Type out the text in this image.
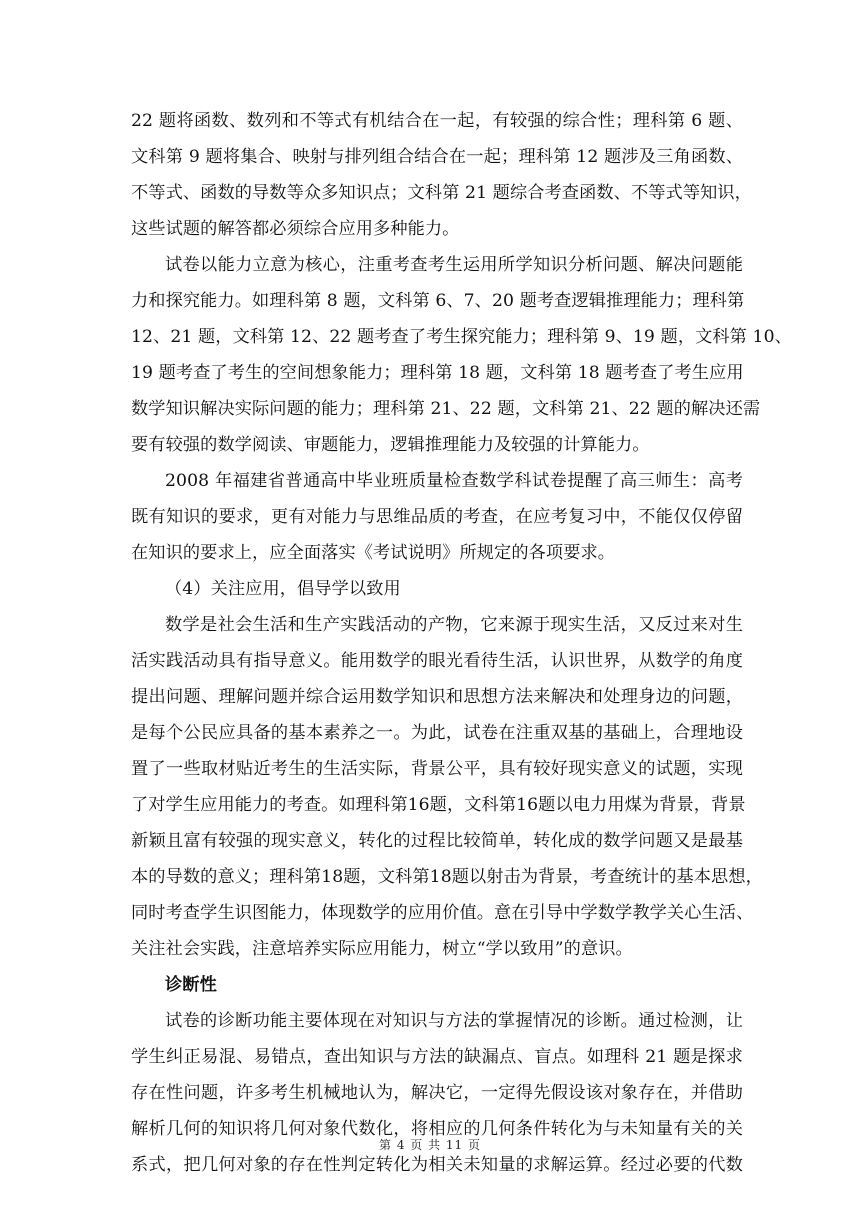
22 题将函数、数列和不等式有机结合在一起，有较强的综合性；理科第 6 题、
文科第 9 题将集合、映射与排列组合结合在一起；理科第 12 题涉及三角函数、
不等式、函数的导数等众多知识点；文科第 21 题综合考查函数、不等式等知识，
这些试题的解答都必须综合应用多种能力。
试卷以能力立意为核心，注重考查考生运用所学知识分析问题、解决问题能
力和探究能力。如理科第 8 题，文科第 6、7、20 题考查逻辑推理能力；理科第
12、21 题，文科第 12、22 题考查了考生探究能力；理科第 9、19 题，文科第 10、
19 题考查了考生的空间想象能力；理科第 18 题，文科第 18 题考查了考生应用
数学知识解决实际问题的能力；理科第 21、22 题，文科第 21、22 题的解决还需
要有较强的数学阅读、审题能力，逻辑推理能力及较强的计算能力。
2008 年福建省普通高中毕业班质量检查数学科试卷提醒了高三师生：高考
既有知识的要求，更有对能力与思维品质的考查，在应考复习中，不能仅仅停留
在知识的要求上，应全面落实《考试说明》所规定的各项要求。
（4）关注应用，倡导学以致用
数学是社会生活和生产实践活动的产物，它来源于现实生活，又反过来对生
活实践活动具有指导意义。能用数学的眼光看待生活，认识世界，从数学的角度
提出问题、理解问题并综合运用数学知识和思想方法来解决和处理身边的问题，
是每个公民应具备的基本素养之一。为此，试卷在注重双基的基础上，合理地设
置了一些取材贴近考生的生活实际，背景公平，具有较好现实意义的试题，实现
了对学生应用能力的考查。如理科第16题，文科第16题以电力用煤为背景，背景
新颖且富有较强的现实意义，转化的过程比较简单，转化成的数学问题又是最基
本的导数的意义；理科第18题，文科第18题以射击为背景，考查统计的基本思想，
同时考查学生识图能力，体现数学的应用价值。意在引导中学数学教学关心生活、
关注社会实践，注意培养实际应用能力，树立“学以致用”的意识。
诊断性
试卷的诊断功能主要体现在对知识与方法的掌握情况的诊断。通过检测，让
学生纠正易混、易错点，查出知识与方法的缺漏点、盲点。如理科 21 题是探求
存在性问题，许多考生机械地认为，解决它，一定得先假设该对象存在，并借助
解析几何的知识将几何对象代数化，将相应的几何条件转化为与未知量有关的关
系式，把几何对象的存在性判定转化为相关未知量的求解运算。经过必要的代数
第 4 页 共 11 页
